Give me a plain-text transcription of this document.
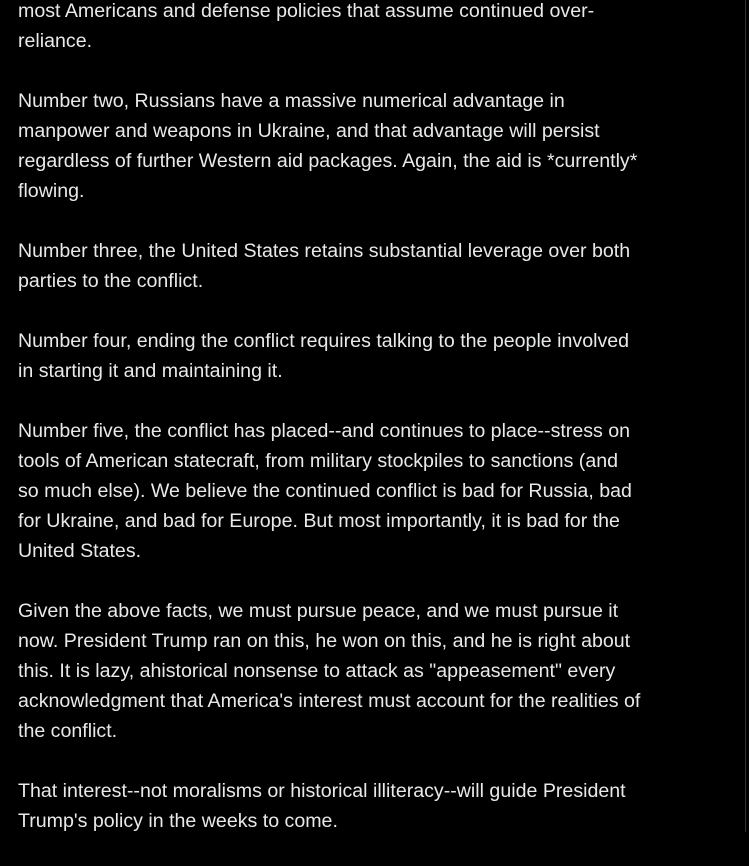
most Americans and defense policies that assume continued over-
reliance.

Number two, Russians have a massive numerical advantage in
manpower and weapons in Ukraine, and that advantage will persist
regardless of further Western aid packages. Again, the aid is *currently*
flowing.

Number three, the United States retains substantial leverage over both
parties to the conflict.

Number four, ending the conflict requires talking to the people involved
in starting it and maintaining it.

Number five, the conflict has placed--and continues to place--stress on
tools of American statecraft, from military stockpiles to sanctions (and
so much else). We believe the continued conflict is bad for Russia, bad
for Ukraine, and bad for Europe. But most importantly, it is bad for the
United States.

Given the above facts, we must pursue peace, and we must pursue it
now. President Trump ran on this, he won on this, and he is right about
this. It is lazy, ahistorical nonsense to attack as "appeasement" every
acknowledgment that America's interest must account for the realities of
the conflict.

That interest--not moralisms or historical illiteracy--will guide President
Trump's policy in the weeks to come.
